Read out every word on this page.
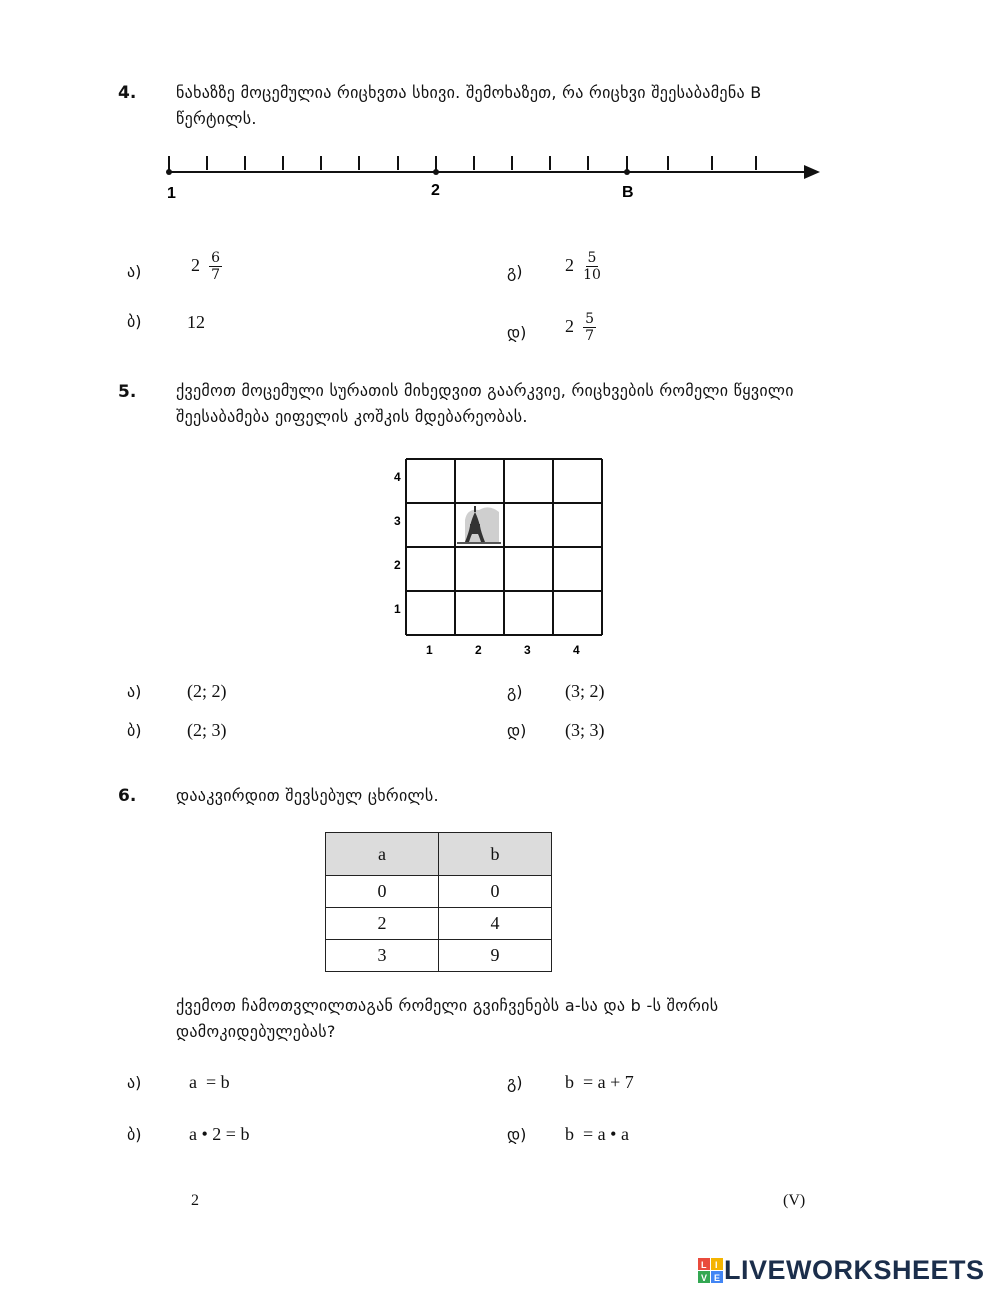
4. ნახაზზე მოცემულია რიცხვთა სხივი. შემოხაზეთ, რა რიცხვი შეესაბამენა B
წერტილს.
1	2	B
ა)	$2 \frac{6}{7}$
ბ)	12
გ) $2 \frac{5}{10}$
დ) $2 \frac{5}{7}$
5. ქვემოთ მოცემული სურათის მიხედვით გაარკვიე, რიცხვების რომელი წყვილი
შეესაბამება ეიფელის კოშკის მდებარეობას.
1	2	3	4
4
3
2
1
ა)	(2; 2)
ბ)	(2; 3)
გ) (3; 2)
დ) (3; 3)
6. დააკვირდით შევსებულ ცხრილს.
a	b
0	0
2	4
3	9
ქვემოთ ჩამოთვლილთაგან რომელი გვიჩვენებს a-სა და b -ს შორის
დამოკიდებულებას?
ა)	a  = b
ბ)	a • 2 = b
გ) b  = a + 7
დ) b  = a • a
2	(V)
L I
V E LIVEWORKSHEETS
